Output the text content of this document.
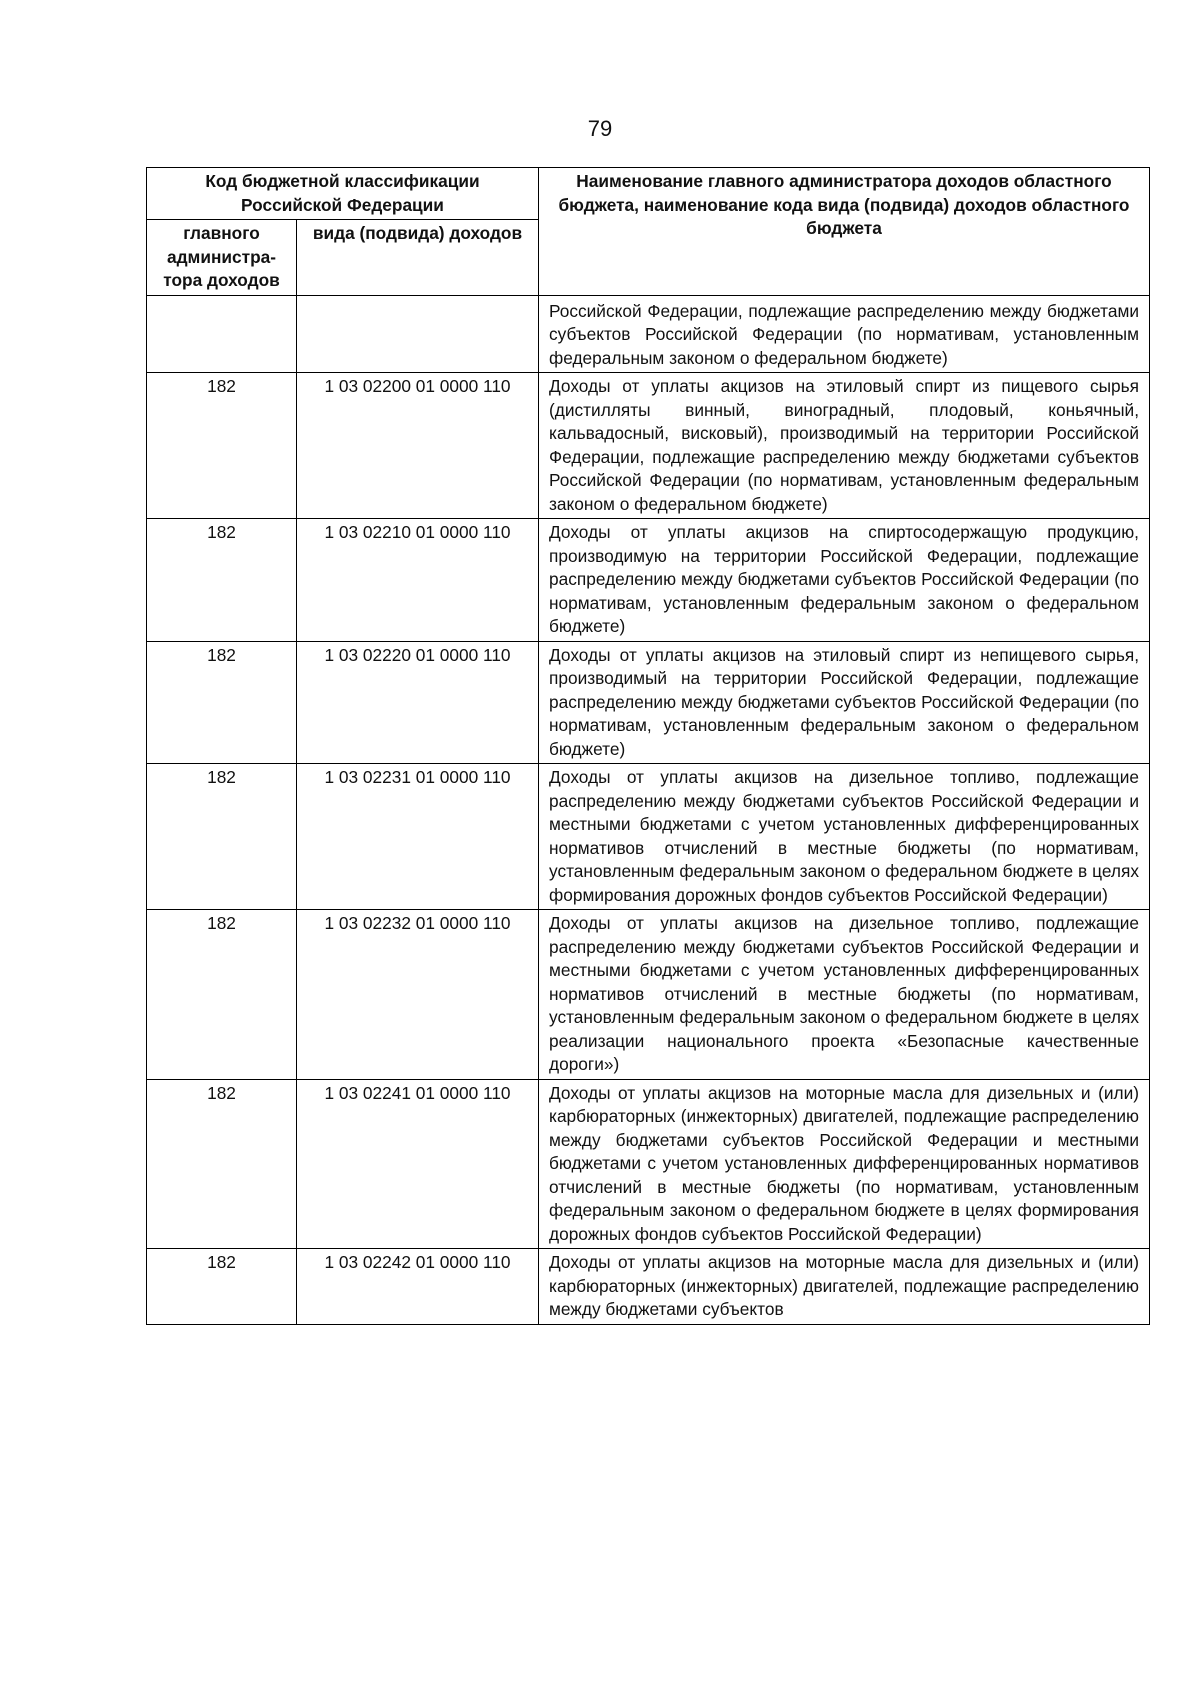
79
Код бюджетной классификации Российской Федерации		Наименование главного администратора доходов областного бюджета, наименование кода вида (подвида) доходов областного бюджета
главного администра-тора доходов	вида (подвида) доходов	
		Российской Федерации, подлежащие распределению между бюджетами субъектов Российской Федерации (по нормативам, установленным федеральным законом о федеральном бюджете)
182	1 03 02200 01 0000 110	Доходы от уплаты акцизов на этиловый спирт из пищевого сырья (дистилляты винный, виноградный, плодовый, коньячный, кальвадосный, висковый), производимый на территории Российской Федерации, подлежащие распределению между бюджетами субъектов Российской Федерации (по нормативам, установленным федеральным законом о федеральном бюджете)
182	1 03 02210 01 0000 110	Доходы от уплаты акцизов на спиртосодержащую продукцию, производимую на территории Российской Федерации, подлежащие распределению между бюджетами субъектов Российской Федерации (по нормативам, установленным федеральным законом о федеральном бюджете)
182	1 03 02220 01 0000 110	Доходы от уплаты акцизов на этиловый спирт из непищевого сырья, производимый на территории Российской Федерации, подлежащие распределению между бюджетами субъектов Российской Федерации (по нормативам, установленным федеральным законом о федеральном бюджете)
182	1 03 02231 01 0000 110	Доходы от уплаты акцизов на дизельное топливо, подлежащие распределению между бюджетами субъектов Российской Федерации и местными бюджетами с учетом установленных дифференцированных нормативов отчислений в местные бюджеты (по нормативам, установленным федеральным законом о федеральном бюджете в целях формирования дорожных фондов субъектов Российской Федерации)
182	1 03 02232 01 0000 110	Доходы от уплаты акцизов на дизельное топливо, подлежащие распределению между бюджетами субъектов Российской Федерации и местными бюджетами с учетом установленных дифференцированных нормативов отчислений в местные бюджеты (по нормативам, установленным федеральным законом о федеральном бюджете в целях реализации национального проекта «Безопасные качественные дороги»)
182	1 03 02241 01 0000 110	Доходы от уплаты акцизов на моторные масла для дизельных и (или) карбюраторных (инжекторных) двигателей, подлежащие распределению между бюджетами субъектов Российской Федерации и местными бюджетами с учетом установленных дифференцированных нормативов отчислений в местные бюджеты (по нормативам, установленным федеральным законом о федеральном бюджете в целях формирования дорожных фондов субъектов Российской Федерации)
182	1 03 02242 01 0000 110	Доходы от уплаты акцизов на моторные масла для дизельных и (или) карбюраторных (инжекторных) двигателей, подлежащие распределению между бюджетами субъектов
